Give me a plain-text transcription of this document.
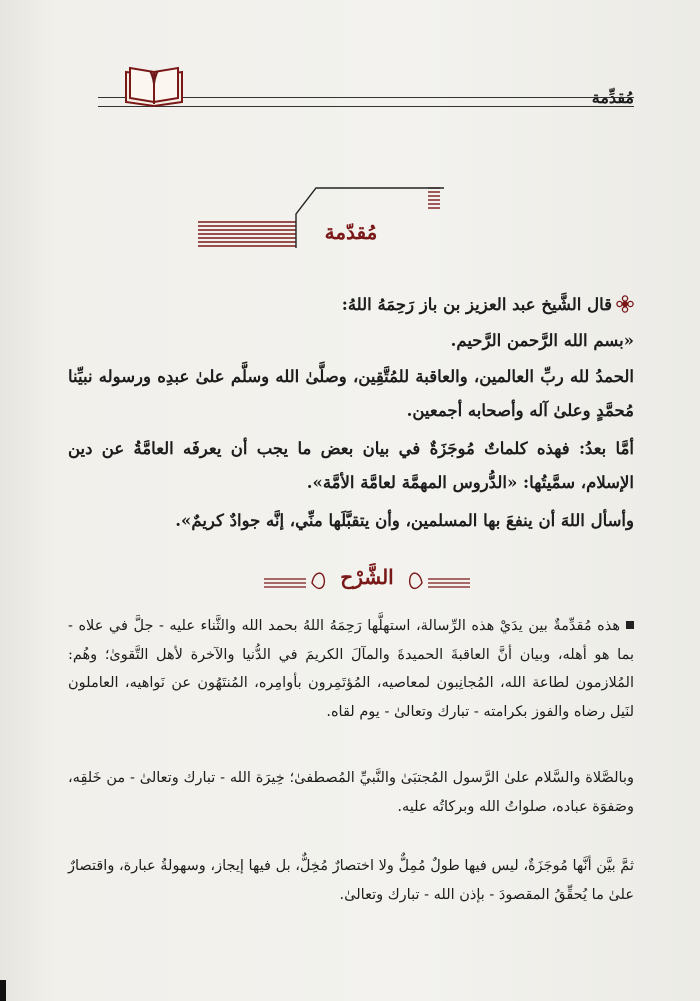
مُقدِّمة
٧
مُقدّمة
قال الشَّيخ عبد العزيز بن باز رَحِمَهُ اللهُ:
«بسم الله الرَّحمن الرَّحيم.
الحمدُ لله ربِّ العالمين، والعاقبة للمُتَّقِين، وصلَّىٰ الله وسلَّم علىٰ عبدِه ورسوله نبيِّنا مُحمَّدٍ وعلىٰ آله وأصحابه أجمعين.
أمَّا بعدُ: فهذه كلماتٌ مُوجَزَةٌ في بيان بعض ما يجب أن يعرفَه العامَّةُ عن دين الإسلام، سمَّيتُها: «الدُّروس المهمَّة لعامَّة الأمَّة».
وأسأل اللهَ أن ينفعَ بها المسلمين، وأن يتقبَّلَها منِّي، إنَّه جوادٌ كريمٌ».
الشَّرْح
هذه مُقدِّمةٌ بين يدَيْ هذه الرِّسالة، استهلَّها رَحِمَهُ اللهُ بحمد الله والثَّناء عليه - جلَّ في علاه - بما هو أهله، وبيان أنَّ العاقبةَ الحميدةَ والمآلَ الكريمَ في الدُّنيا والآخرة لأهل التَّقوىٰ؛ وهُم: المُلازمون لطاعة الله، المُجانِبون لمعاصيه، المُؤتَمِرون بأوامِره، المُنتَهُون عن نَواهيه، العاملون لنَيل رضاه والفوز بكرامته - تبارك وتعالىٰ - يوم لقاه.
وبالصَّلاة والسَّلام علىٰ الرَّسول المُجتبَىٰ والنَّبيِّ المُصطفىٰ؛ خِيرَة الله - تبارك وتعالىٰ - من خَلقِه، وصَفوَة عباده، صلواتُ الله وبركاتُه عليه.
ثمَّ بيَّن أنَّها مُوجَزَةٌ، ليس فيها طولٌ مُمِلٌّ ولا اختصارٌ مُخِلٌّ، بل فيها إيجاز، وسهولةُ عبارة، واقتصارٌ علىٰ ما يُحقِّقُ المقصودَ - بإذن الله - تبارك وتعالىٰ.
